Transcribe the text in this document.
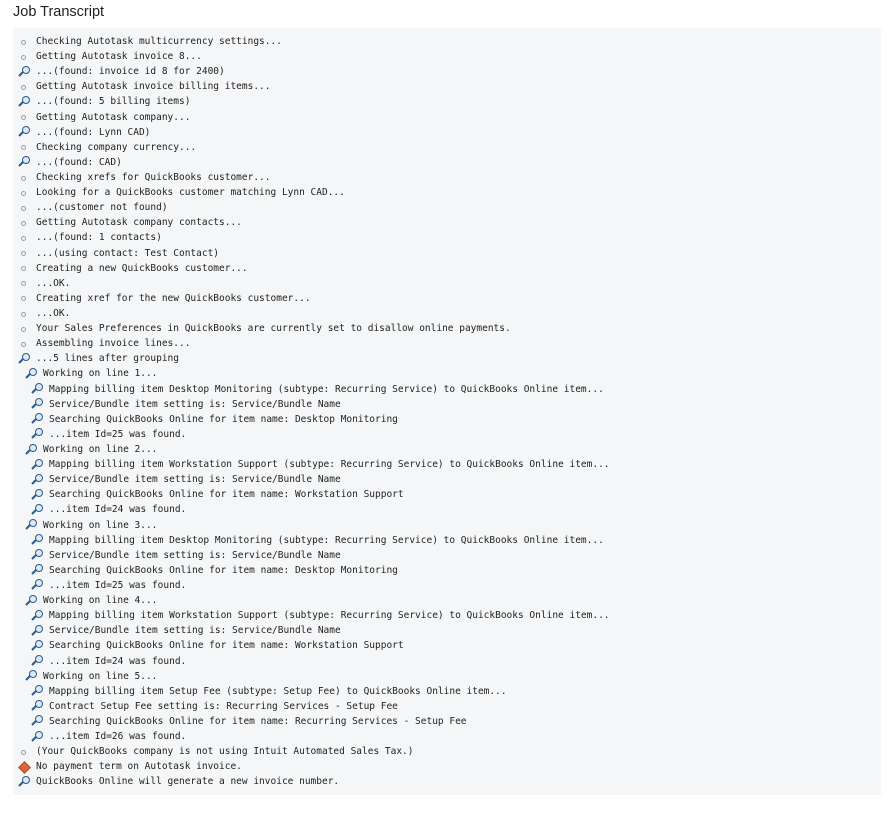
Job Transcript
Checking Autotask multicurrency settings...
Getting Autotask invoice 8...
...(found: invoice id 8 for 2400)
Getting Autotask invoice billing items...
...(found: 5 billing items)
Getting Autotask company...
...(found: Lynn CAD)
Checking company currency...
...(found: CAD)
Checking xrefs for QuickBooks customer...
Looking for a QuickBooks customer matching Lynn CAD...
...(customer not found)
Getting Autotask company contacts...
...(found: 1 contacts)
...(using contact: Test Contact)
Creating a new QuickBooks customer...
...OK.
Creating xref for the new QuickBooks customer...
...OK.
Your Sales Preferences in QuickBooks are currently set to disallow online payments.
Assembling invoice lines...
...5 lines after grouping
Working on line 1...
Mapping billing item Desktop Monitoring (subtype: Recurring Service) to QuickBooks Online item...
Service/Bundle item setting is: Service/Bundle Name
Searching QuickBooks Online for item name: Desktop Monitoring
...item Id=25 was found.
Working on line 2...
Mapping billing item Workstation Support (subtype: Recurring Service) to QuickBooks Online item...
Service/Bundle item setting is: Service/Bundle Name
Searching QuickBooks Online for item name: Workstation Support
...item Id=24 was found.
Working on line 3...
Mapping billing item Desktop Monitoring (subtype: Recurring Service) to QuickBooks Online item...
Service/Bundle item setting is: Service/Bundle Name
Searching QuickBooks Online for item name: Desktop Monitoring
...item Id=25 was found.
Working on line 4...
Mapping billing item Workstation Support (subtype: Recurring Service) to QuickBooks Online item...
Service/Bundle item setting is: Service/Bundle Name
Searching QuickBooks Online for item name: Workstation Support
...item Id=24 was found.
Working on line 5...
Mapping billing item Setup Fee (subtype: Setup Fee) to QuickBooks Online item...
Contract Setup Fee setting is: Recurring Services - Setup Fee
Searching QuickBooks Online for item name: Recurring Services - Setup Fee
...item Id=26 was found.
(Your QuickBooks company is not using Intuit Automated Sales Tax.)
No payment term on Autotask invoice.
QuickBooks Online will generate a new invoice number.
